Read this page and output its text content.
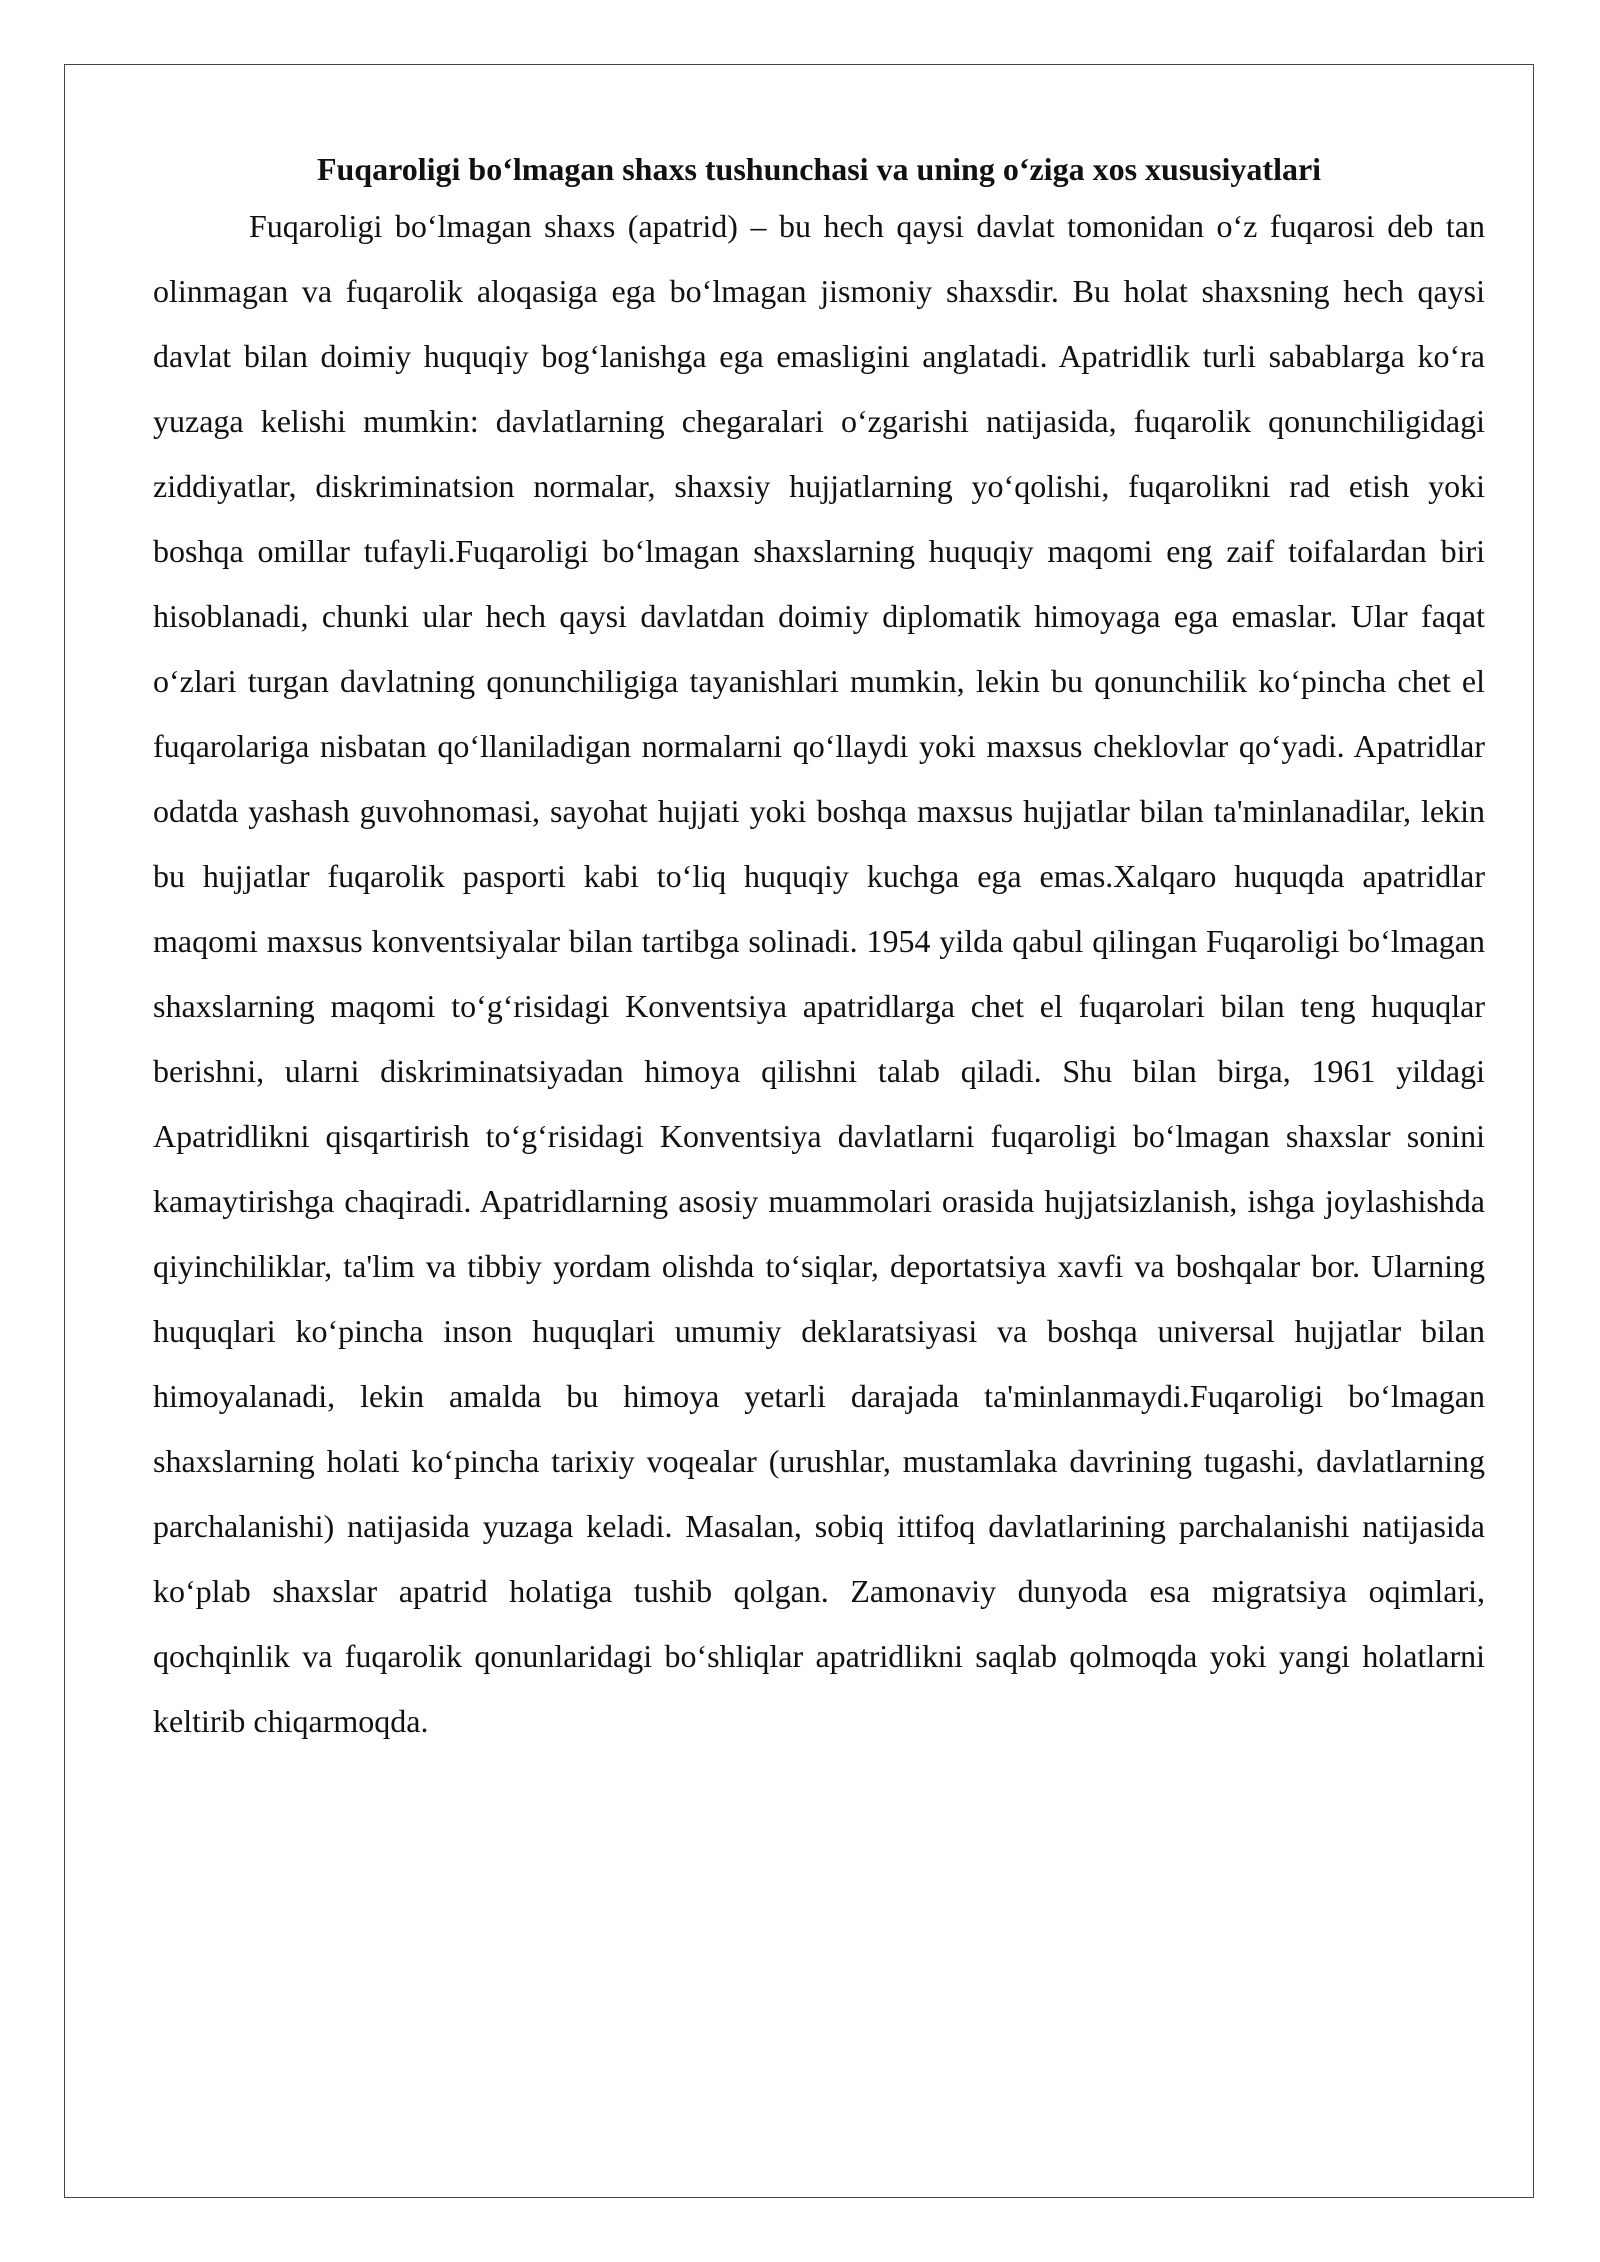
Fuqaroligi bo‘lmagan shaxs tushunchasi va uning o‘ziga xos xususiyatlari

Fuqaroligi bo‘lmagan shaxs (apatrid) – bu hech qaysi davlat tomonidan o‘z fuqarosi deb tan olinmagan va fuqarolik aloqasiga ega bo‘lmagan jismoniy shaxsdir. Bu holat shaxsning hech qaysi davlat bilan doimiy huquqiy bog‘lanishga ega emasligini anglatadi. Apatridlik turli sabablarga ko‘ra yuzaga kelishi mumkin: davlatlarning chegaralari o‘zgarishi natijasida, fuqarolik qonunchiligidagi ziddiyatlar, diskriminatsion normalar, shaxsiy hujjatlarning yo‘qolishi, fuqarolikni rad etish yoki boshqa omillar tufayli.Fuqaroligi bo‘lmagan shaxslarning huquqiy maqomi eng zaif toifalardan biri hisoblanadi, chunki ular hech qaysi davlatdan doimiy diplomatik himoyaga ega emaslar. Ular faqat o‘zlari turgan davlatning qonunchiligiga tayanishlari mumkin, lekin bu qonunchilik ko‘pincha chet el fuqarolariga nisbatan qo‘llaniladigan normalarni qo‘llaydi yoki maxsus cheklovlar qo‘yadi. Apatridlar odatda yashash guvohnomasi, sayohat hujjati yoki boshqa maxsus hujjatlar bilan ta'minlanadilar, lekin bu hujjatlar fuqarolik pasporti kabi to‘liq huquqiy kuchga ega emas.Xalqaro huquqda apatridlar maqomi maxsus konventsiyalar bilan tartibga solinadi. 1954 yilda qabul qilingan Fuqaroligi bo‘lmagan shaxslarning maqomi to‘g‘risidagi Konventsiya apatridlarga chet el fuqarolari bilan teng huquqlar berishni, ularni diskriminatsiyadan himoya qilishni talab qiladi. Shu bilan birga, 1961 yildagi Apatridlikni qisqartirish to‘g‘risidagi Konventsiya davlatlarni fuqaroligi bo‘lmagan shaxslar sonini kamaytirishga chaqiradi. Apatridlarning asosiy muammolari orasida hujjatsizlanish, ishga joylashishda qiyinchiliklar, ta'lim va tibbiy yordam olishda to‘siqlar, deportatsiya xavfi va boshqalar bor. Ularning huquqlari ko‘pincha inson huquqlari umumiy deklaratsiyasi va boshqa universal hujjatlar bilan himoyalanadi, lekin amalda bu himoya yetarli darajada ta'minlanmaydi.Fuqaroligi bo‘lmagan shaxslarning holati ko‘pincha tarixiy voqealar (urushlar, mustamlaka davrining tugashi, davlatlarning parchalanishi) natijasida yuzaga keladi. Masalan, sobiq ittifoq davlatlarining parchalanishi natijasida ko‘plab shaxslar apatrid holatiga tushib qolgan. Zamonaviy dunyoda esa migratsiya oqimlari, qochqinlik va fuqarolik qonunlaridagi bo‘shliqlar apatridlikni saqlab qolmoqda yoki yangi holatlarni keltirib chiqarmoqda.
